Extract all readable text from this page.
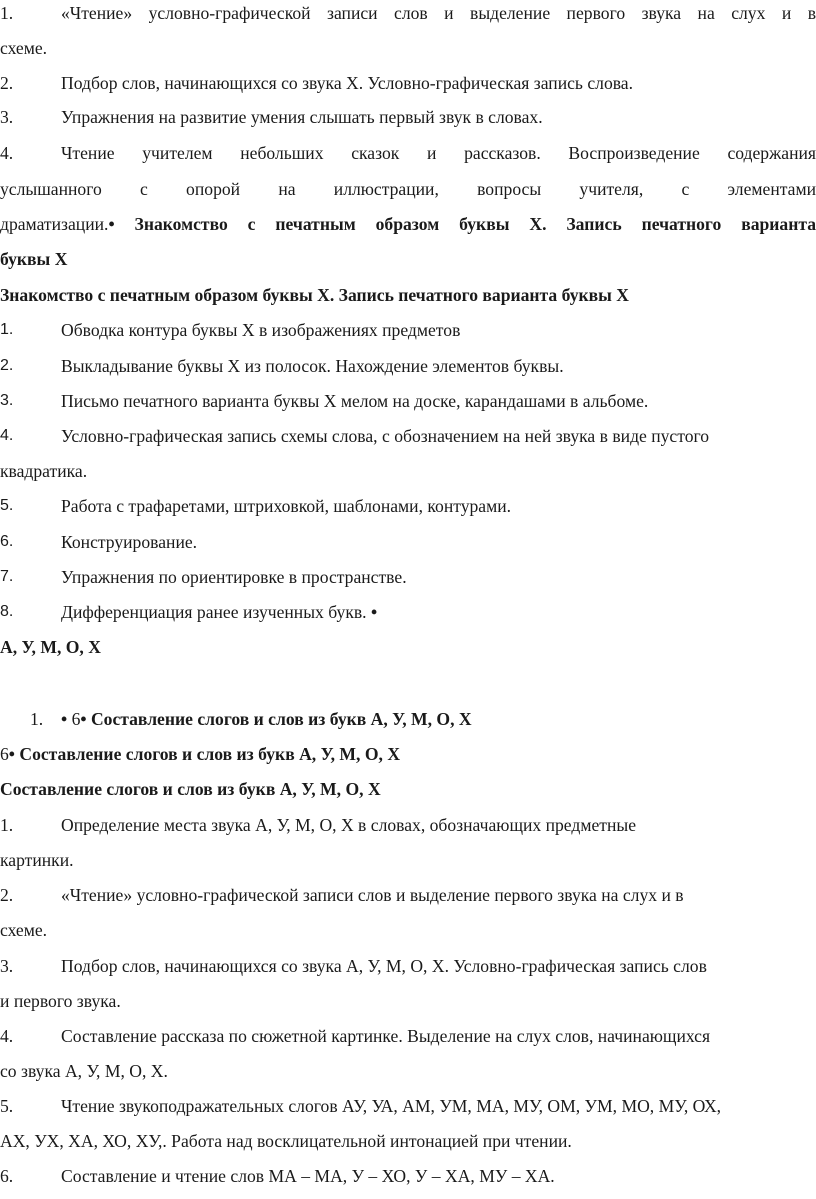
1.	«Чтение» условно-графической записи слов и выделение первого звука на слух и в
схеме.
2.	Подбор слов, начинающихся со звука Х. Условно-графическая запись слова.
3.	Упражнения на развитие умения слышать первый звук в словах.
4.	Чтение учителем небольших сказок и рассказов. Воспроизведение содержания
услышанного с опорой на иллюстрации, вопросы учителя, с элементами
драматизации.• Знакомство с печатным образом буквы Х. Запись печатного варианта
буквы Х
Знакомство с печатным образом буквы Х. Запись печатного варианта буквы Х
1.	Обводка контура буквы Х в изображениях предметов
2.	Выкладывание буквы Х из полосок. Нахождение элементов буквы.
3.	Письмо печатного варианта буквы Х мелом на доске, карандашами в альбоме.
4.	Условно-графическая запись схемы слова, с обозначением на ней звука в виде пустого
квадратика.
5.	Работа с трафаретами, штриховкой, шаблонами, контурами.
6.	Конструирование.
7.	Упражнения по ориентировке в пространстве.
8.	Дифференциация ранее изученных букв. •
А, У, М, О, Х
1. • 6• Составление слогов и слов из букв А, У, М, О, Х
6• Составление слогов и слов из букв А, У, М, О, Х
Составление слогов и слов из букв А, У, М, О, Х
1.	Определение места звука А, У, М, О, Х в словах, обозначающих предметные
картинки.
2.	«Чтение» условно-графической записи слов и выделение первого звука на слух и в
схеме.
3.	Подбор слов, начинающихся со звука А, У, М, О, Х. Условно-графическая запись слов
и первого звука.
4.	Составление рассказа по сюжетной картинке. Выделение на слух слов, начинающихся
со звука А, У, М, О, Х.
5.	Чтение звукоподражательных слогов АУ, УА, АМ, УМ, МА, МУ, ОМ, УМ, МО, МУ, ОХ,
АХ, УХ, ХА, ХО, ХУ,. Работа над восклицательной интонацией при чтении.
6.	Составление и чтение слов МА – МА, У – ХО, У – ХА, МУ – ХА.
